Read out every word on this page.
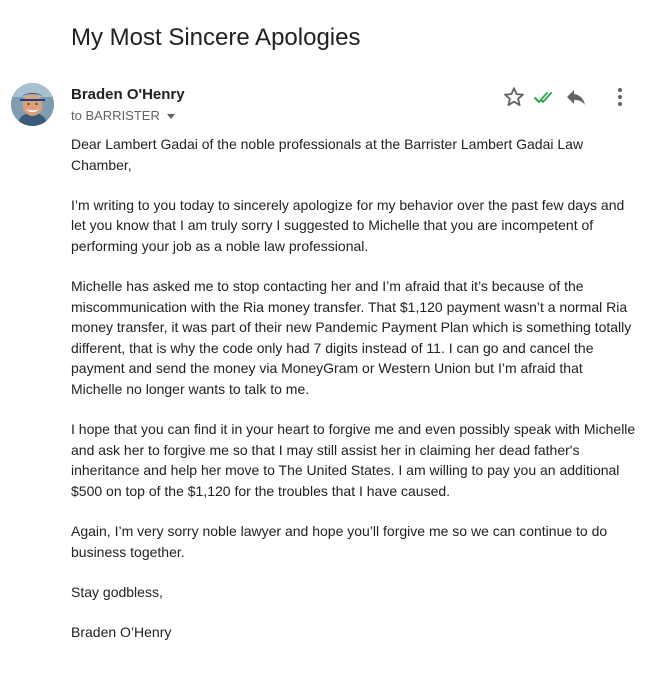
My Most Sincere Apologies
Braden O'Henry
to BARRISTER

Dear Lambert Gadai of the noble professionals at the Barrister Lambert Gadai Law Chamber,

I’m writing to you today to sincerely apologize for my behavior over the past few days and let you know that I am truly sorry I suggested to Michelle that you are incompetent of performing your job as a noble law professional.

Michelle has asked me to stop contacting her and I’m afraid that it’s because of the miscommunication with the Ria money transfer. That $1,120 payment wasn’t a normal Ria money transfer, it was part of their new Pandemic Payment Plan which is something totally different, that is why the code only had 7 digits instead of 11. I can go and cancel the payment and send the money via MoneyGram or Western Union but I’m afraid that Michelle no longer wants to talk to me.

I hope that you can find it in your heart to forgive me and even possibly speak with Michelle and ask her to forgive me so that I may still assist her in claiming her dead father's inheritance and help her move to The United States. I am willing to pay you an additional $500 on top of the $1,120 for the troubles that I have caused.

Again, I’m very sorry noble lawyer and hope you’ll forgive me so we can continue to do business together.

Stay godbless,

Braden O’Henry
